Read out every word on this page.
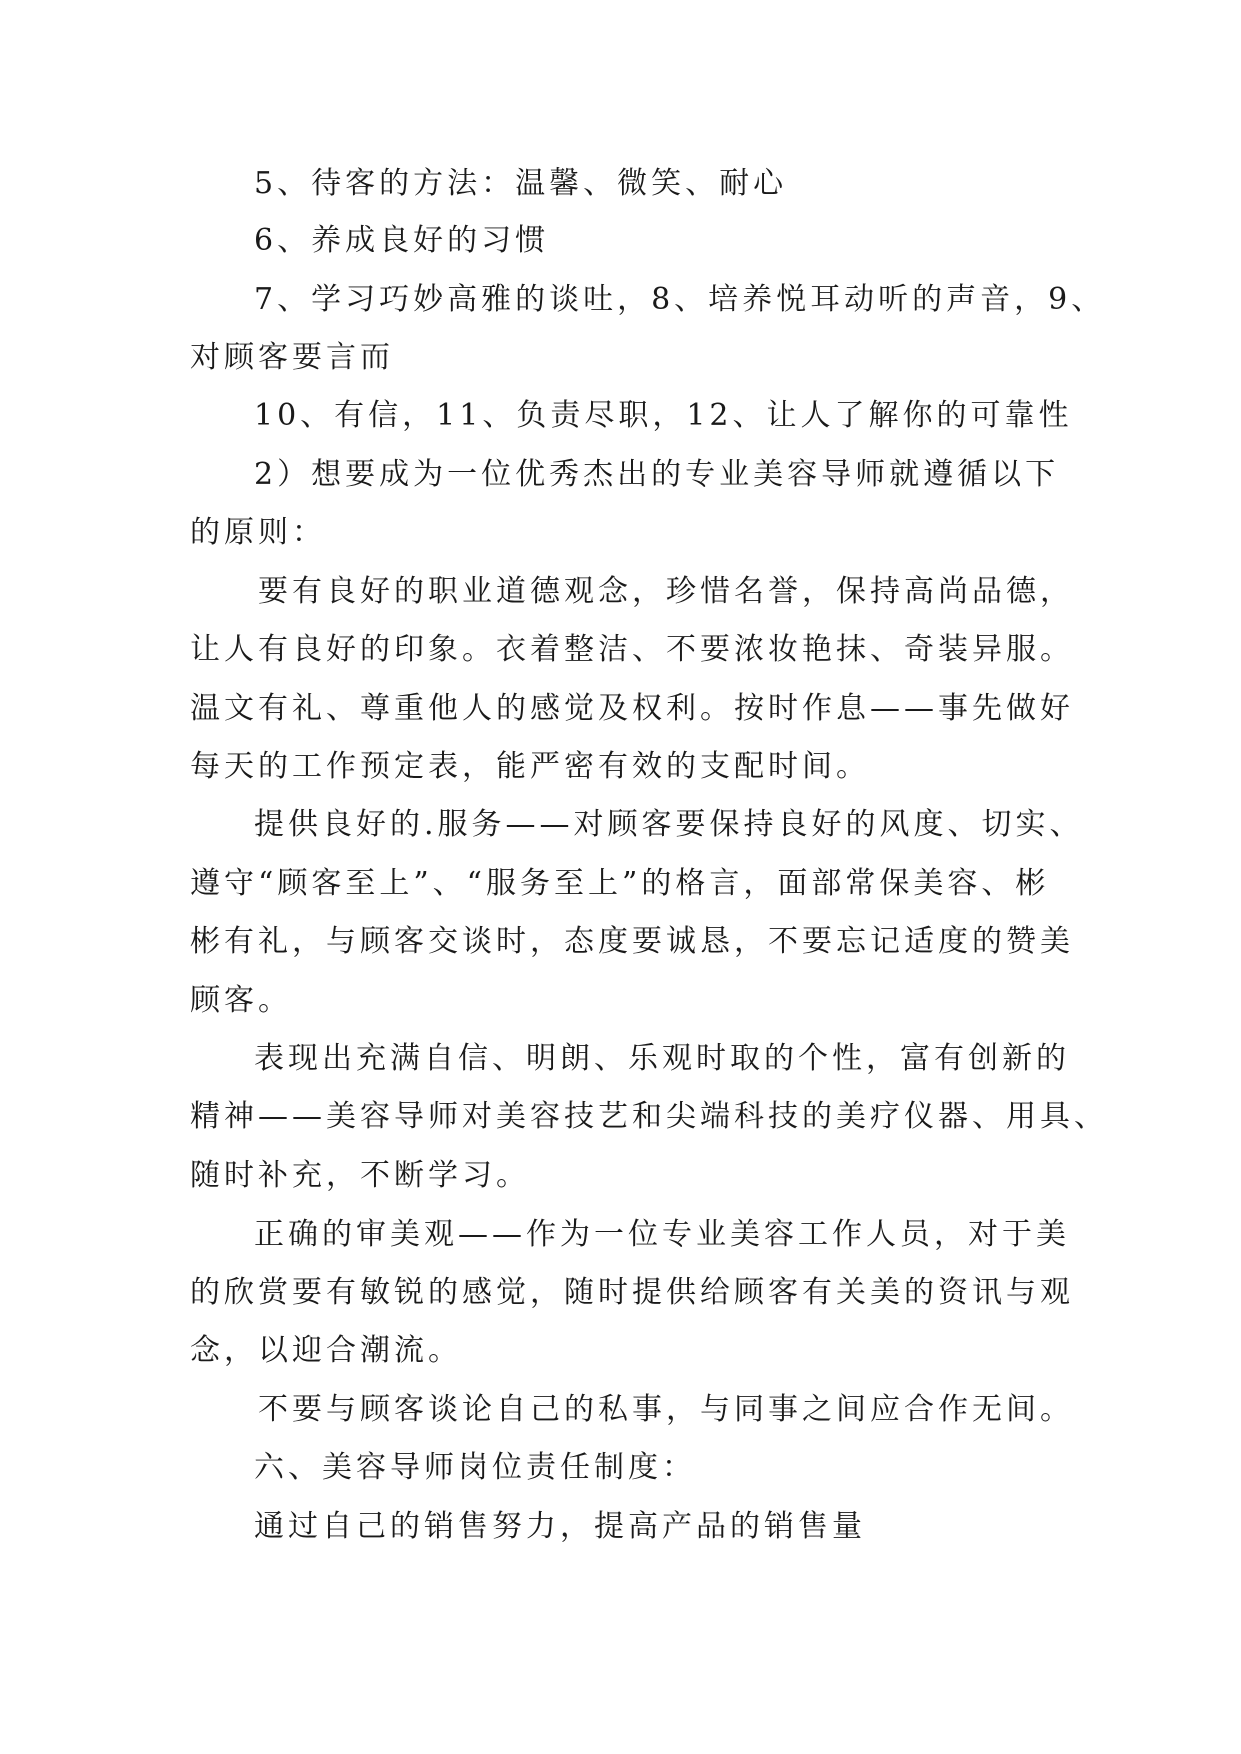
5、待客的方法：温馨、微笑、耐心
6、养成良好的习惯
7、学习巧妙高雅的谈吐，8、培养悦耳动听的声音，9、
对顾客要言而
10、有信，11、负责尽职，12、让人了解你的可靠性
2）想要成为一位优秀杰出的专业美容导师就遵循以下
的原则：
要有良好的职业道德观念，珍惜名誉，保持高尚品德，
让人有良好的印象。衣着整洁、不要浓妆艳抹、奇装异服。
温文有礼、尊重他人的感觉及权利。按时作息——事先做好
每天的工作预定表，能严密有效的支配时间。
提供良好的.服务——对顾客要保持良好的风度、切实、
遵守“顾客至上”、“服务至上”的格言，面部常保美容、彬
彬有礼，与顾客交谈时，态度要诚恳，不要忘记适度的赞美
顾客。
表现出充满自信、明朗、乐观时取的个性，富有创新的
精神——美容导师对美容技艺和尖端科技的美疗仪器、用具、
随时补充，不断学习。
正确的审美观——作为一位专业美容工作人员，对于美
的欣赏要有敏锐的感觉，随时提供给顾客有关美的资讯与观
念，以迎合潮流。
不要与顾客谈论自己的私事，与同事之间应合作无间。
六、美容导师岗位责任制度：
通过自己的销售努力，提高产品的销售量
